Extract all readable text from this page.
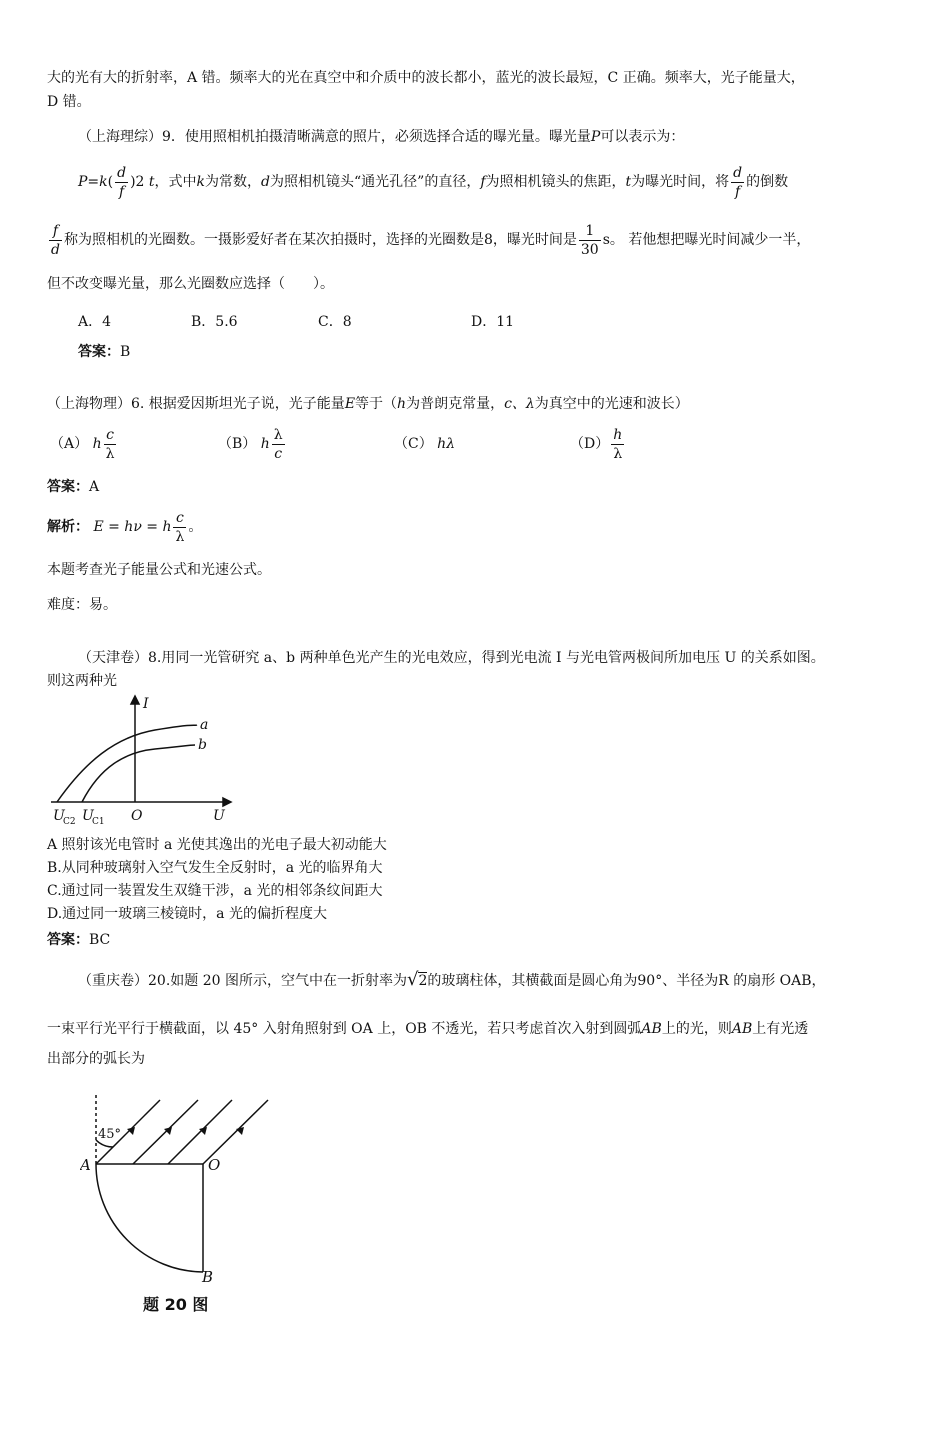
大的光有大的折射率，A 错。频率大的光在真空中和介质中的波长都小，蓝光的波长最短，C 正确。频率大，光子能量大，
D 错。
（上海理综）9．使用照相机拍摄清晰满意的照片，必须选择合适的曝光量。曝光量P可以表示为：
$P=k( \frac{d}{f} )2$ t，式中k为常数，d为照相机镜头“通光孔径”的直径，f为照相机镜头的焦距，t为曝光时间，将 $\frac{d}{f}$ 的倒数
$\frac{f}{d}$ 称为照相机的光圈数。一摄影爱好者在某次拍摄时，选择的光圈数是8，曝光时间是 $\frac{1}{30}$ s。 若他想把曝光时间减少一半，
但不改变曝光量，那么光圈数应选择（　　）。
A．4	B．5.6	C．8	D．11
答案：B
（上海物理）6. 根据爱因斯坦光子说，光子能量E等于（h为普朗克常量，c、λ为真空中的光速和波长）
（A） h $\frac{c}{\lambda}$	（B） h $\frac{\lambda}{c}$	（C） hλ	$(D) \frac{h}{\lambda}$
答案：A
解析： E = hν = h $\frac{c}{\lambda}$ 。
本题考查光子能量公式和光速公式。
难度：易。
（天津卷）8.用同一光管研究 a、b 两种单色光产生的光电效应，得到光电流 I 与光电管两极间所加电压 U 的关系如图。
则这两种光
I
U
O
a
b
U U
C2 C1
A 照射该光电管时 a 光使其逸出的光电子最大初动能大
B.从同种玻璃射入空气发生全反射时，a 光的临界角大
C.通过同一装置发生双缝干涉，a 光的相邻条纹间距大
D.通过同一玻璃三棱镜时，a 光的偏折程度大
答案：BC
（重庆卷）20.如题 20 图所示，空气中在一折射率为√2的玻璃柱体，其横截面是圆心角为90°、半径为R 的扇形 OAB，
一束平行光平行于横截面，以 45° 入射角照射到 OA 上，OB 不透光，若只考虑首次入射到圆弧AB上的光，则AB上有光透
出部分的弧长为
45°
A	O
B
题 20 图
